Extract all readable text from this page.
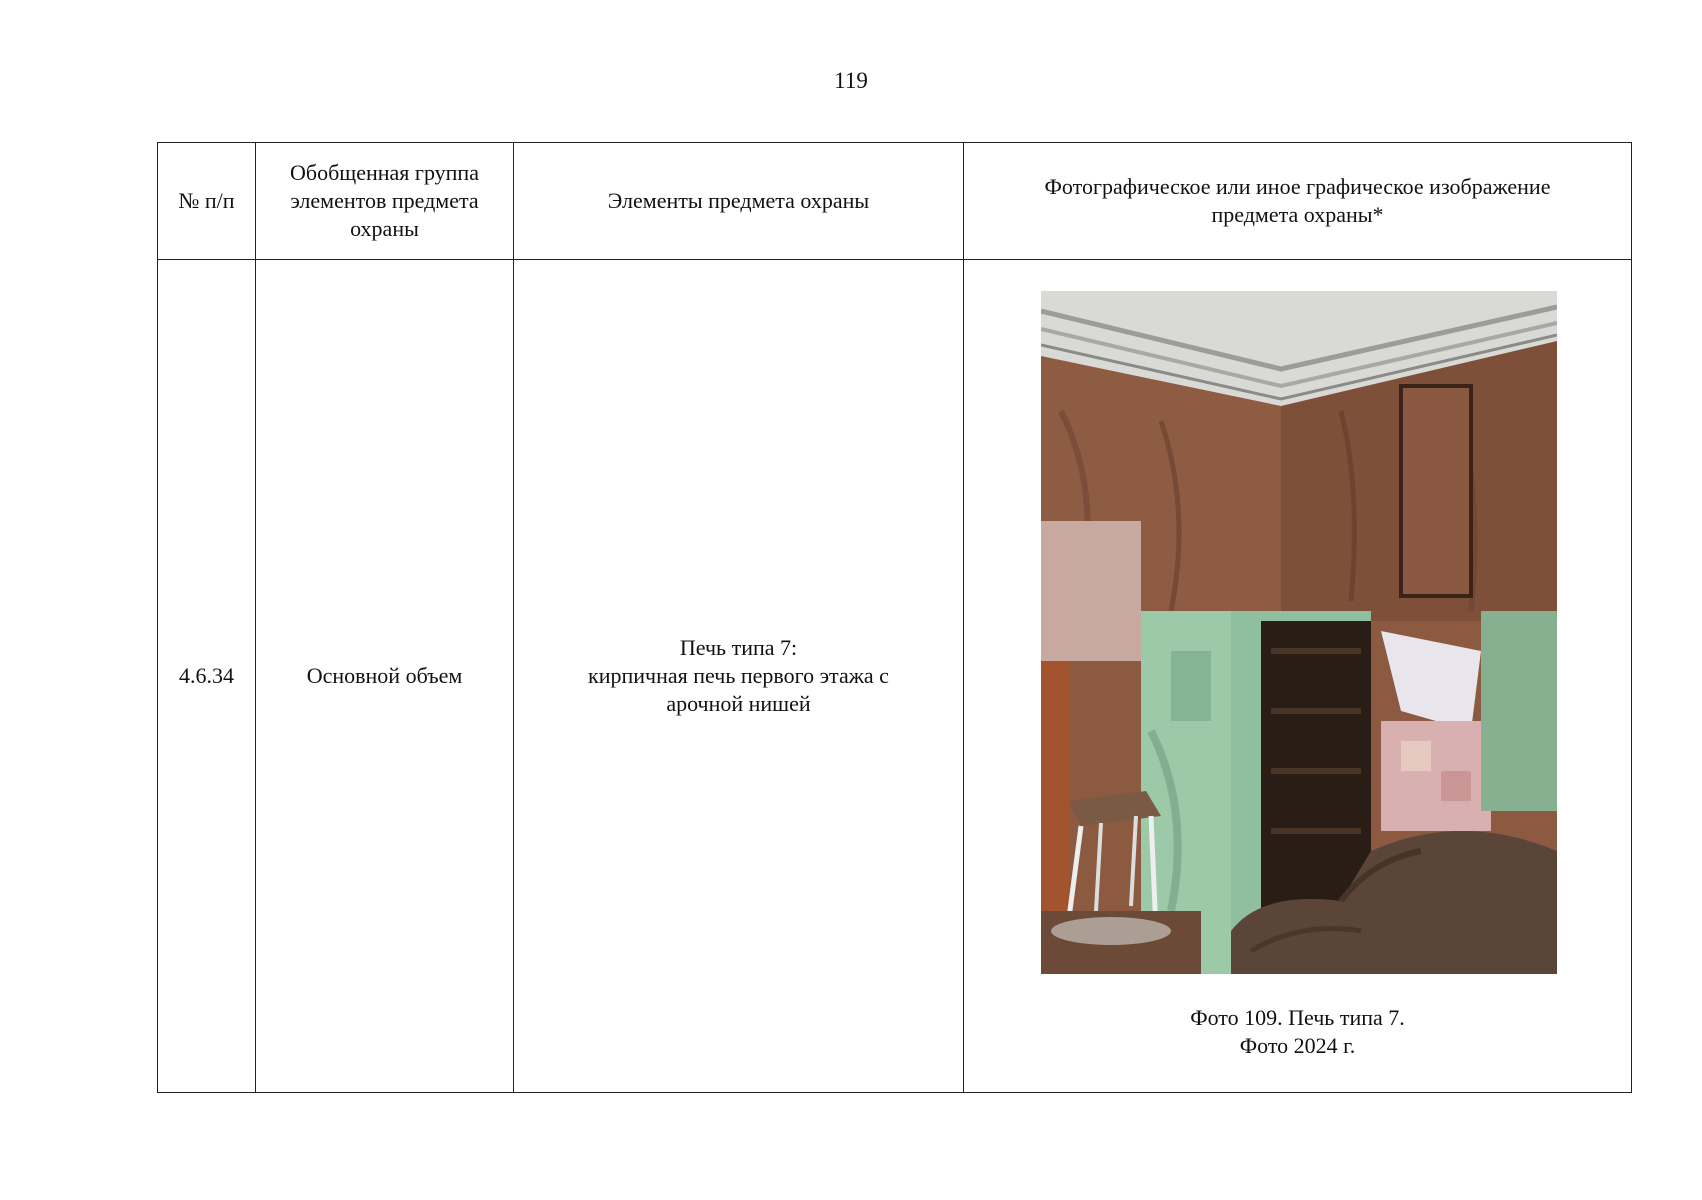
119
№ п/п	Обобщенная группа
элементов предмета
охраны	Элементы предмета охраны	Фотографическое или иное графическое изображение
предмета охраны*
4.6.34	Основной объем	Печь типа 7:
кирпичная печь первого этажа с
арочной нишей	Фото 109. Печь типа 7.
Фото 2024 г.
